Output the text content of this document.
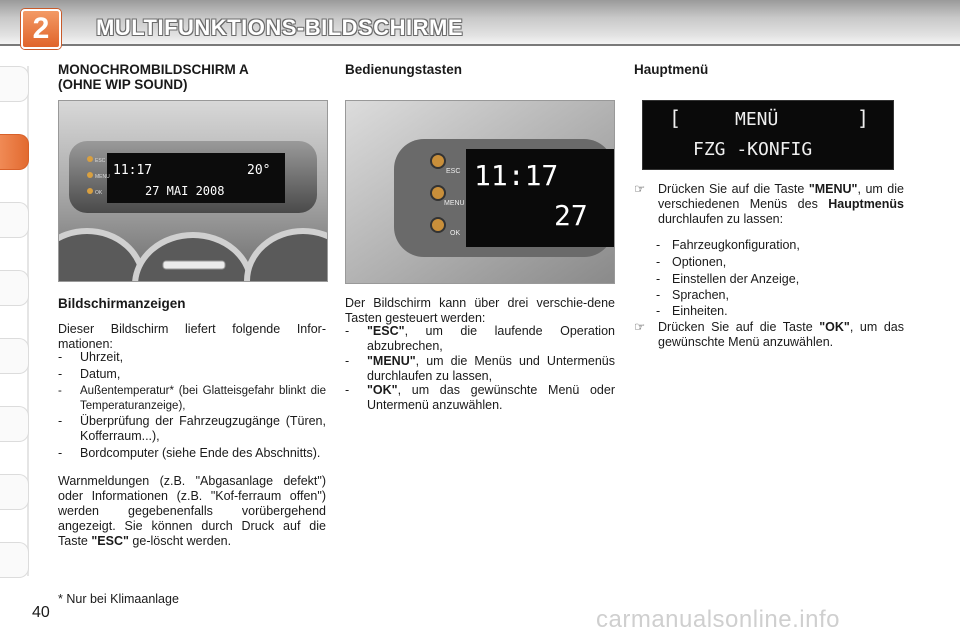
2	MULTIFUNKTIONS-BILDSCHIRME
MONOCHROMBILDSCHIRM A
(OHNE WIP SOUND)
ESC
MENU
OK
11:17	20°
27 MAI 2008
Bildschirmanzeigen
Dieser Bildschirm liefert folgende Infor-mationen:
- Uhrzeit,
- Datum,
- Außentemperatur* (bei Glatteisgefahr blinkt die Temperaturanzeige),
- Überprüfung der Fahrzeugzugänge (Türen, Kofferraum...),
- Bordcomputer (siehe Ende des Abschnitts).
Warnmeldungen (z.B. "Abgasanlage defekt") oder Informationen (z.B. "Kof-ferraum offen") werden gegebenenfalls vorübergehend angezeigt. Sie können durch Druck auf die Taste "ESC" ge-löscht werden.
* Nur bei Klimaanlage
Bedienungstasten
ESC
MENU
OK
11:17
27
Der Bildschirm kann über drei verschie-dene Tasten gesteuert werden:
- "ESC", um die laufende Operation abzubrechen,
- "MENU", um die Menüs und Untermenüs durchlaufen zu lassen,
- "OK", um das gewünschte Menü oder Untermenü anzuwählen.
Hauptmenü
[	MENÜ	]
FZG -KONFIG
☞ Drücken Sie auf die Taste "MENU", um die verschiedenen Menüs des Hauptmenüs durchlaufen zu lassen:
- Fahrzeugkonfiguration,
- Optionen,
- Einstellen der Anzeige,
- Sprachen,
- Einheiten.
☞ Drücken Sie auf die Taste "OK", um das gewünschte Menü anzuwählen.
40	carmanualsonline.info
